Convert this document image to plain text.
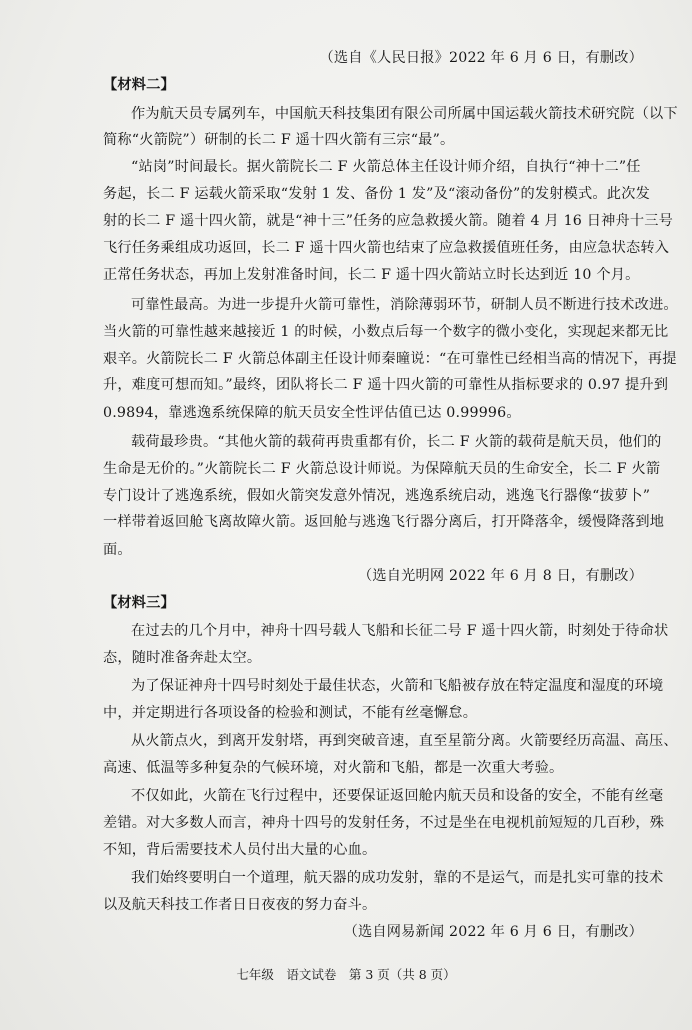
（选自《人民日报》2022 年 6 月 6 日，有删改）
【材料二】
作为航天员专属列车，中国航天科技集团有限公司所属中国运载火箭技术研究院（以下
简称“火箭院”）研制的长二 F 遥十四火箭有三宗“最”。
“站岗”时间最长。据火箭院长二 F 火箭总体主任设计师介绍，自执行“神十二”任
务起，长二 F 运载火箭采取“发射 1 发、备份 1 发”及“滚动备份”的发射模式。此次发
射的长二 F 遥十四火箭，就是“神十三”任务的应急救援火箭。随着 4 月 16 日神舟十三号
飞行任务乘组成功返回，长二 F 遥十四火箭也结束了应急救援值班任务，由应急状态转入
正常任务状态，再加上发射准备时间，长二 F 遥十四火箭站立时长达到近 10 个月。
可靠性最高。为进一步提升火箭可靠性，消除薄弱环节，研制人员不断进行技术改进。
当火箭的可靠性越来越接近 1 的时候，小数点后每一个数字的微小变化，实现起来都无比
艰辛。火箭院长二 F 火箭总体副主任设计师秦曈说：“在可靠性已经相当高的情况下，再提
升，难度可想而知。”最终，团队将长二 F 遥十四火箭的可靠性从指标要求的 0.97 提升到
0.9894，靠逃逸系统保障的航天员安全性评估值已达 0.99996。
载荷最珍贵。“其他火箭的载荷再贵重都有价，长二 F 火箭的载荷是航天员，他们的
生命是无价的。”火箭院长二 F 火箭总设计师说。为保障航天员的生命安全，长二 F 火箭
专门设计了逃逸系统，假如火箭突发意外情况，逃逸系统启动，逃逸飞行器像“拔萝卜”
一样带着返回舱飞离故障火箭。返回舱与逃逸飞行器分离后，打开降落伞，缓慢降落到地
面。
（选自光明网 2022 年 6 月 8 日，有删改）
【材料三】
在过去的几个月中，神舟十四号载人飞船和长征二号 F 遥十四火箭，时刻处于待命状
态，随时准备奔赴太空。
为了保证神舟十四号时刻处于最佳状态，火箭和飞船被存放在特定温度和湿度的环境
中，并定期进行各项设备的检验和测试，不能有丝毫懈怠。
从火箭点火，到离开发射塔，再到突破音速，直至星箭分离。火箭要经历高温、高压、
高速、低温等多种复杂的气候环境，对火箭和飞船，都是一次重大考验。
不仅如此，火箭在飞行过程中，还要保证返回舱内航天员和设备的安全，不能有丝毫
差错。对大多数人而言，神舟十四号的发射任务，不过是坐在电视机前短短的几百秒，殊
不知，背后需要技术人员付出大量的心血。
我们始终要明白一个道理，航天器的成功发射，靠的不是运气，而是扎实可靠的技术
以及航天科技工作者日日夜夜的努力奋斗。
（选自网易新闻 2022 年 6 月 6 日，有删改）
七年级　语文试卷　第 3 页（共 8 页）
